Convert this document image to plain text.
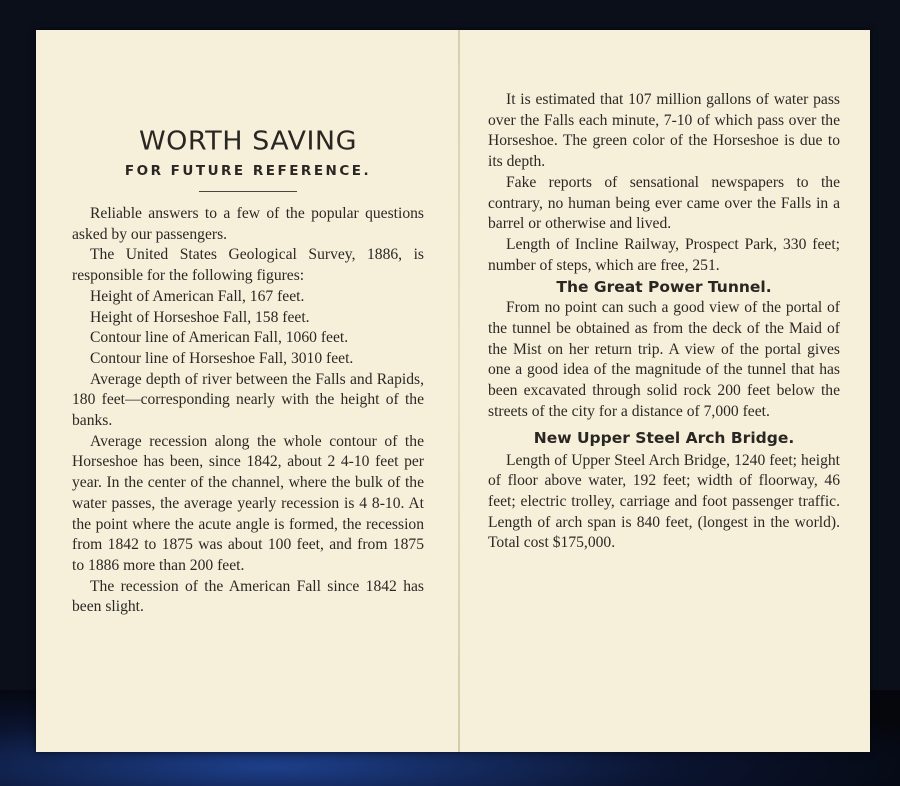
WORTH SAVING
FOR FUTURE REFERENCE.

Reliable answers to a few of the popular questions asked by our passengers.

The United States Geological Survey, 1886, is responsible for the following figures:

Height of American Fall, 167 feet.

Height of Horseshoe Fall, 158 feet.

Contour line of American Fall, 1060 feet.

Contour line of Horseshoe Fall, 3010 feet.

Average depth of river between the Falls and Rapids, 180 feet—corresponding nearly with the height of the banks.

Average recession along the whole contour of the Horseshoe has been, since 1842, about 2 4-10 feet per year. In the center of the channel, where the bulk of the water passes, the average yearly recession is 4 8-10. At the point where the acute angle is formed, the recession from 1842 to 1875 was about 100 feet, and from 1875 to 1886 more than 200 feet.

The recession of the American Fall since 1842 has been slight.

It is estimated that 107 million gallons of water pass over the Falls each minute, 7-10 of which pass over the Horseshoe. The green color of the Horseshoe is due to its depth.

Fake reports of sensational newspapers to the contrary, no human being ever came over the Falls in a barrel or otherwise and lived.

Length of Incline Railway, Prospect Park, 330 feet; number of steps, which are free, 251.

The Great Power Tunnel.

From no point can such a good view of the portal of the tunnel be obtained as from the deck of the Maid of the Mist on her return trip. A view of the portal gives one a good idea of the magnitude of the tunnel that has been excavated through solid rock 200 feet below the streets of the city for a distance of 7,000 feet.

New Upper Steel Arch Bridge.

Length of Upper Steel Arch Bridge, 1240 feet; height of floor above water, 192 feet; width of floorway, 46 feet; electric trolley, carriage and foot passenger traffic. Length of arch span is 840 feet, (longest in the world). Total cost $175,000.
